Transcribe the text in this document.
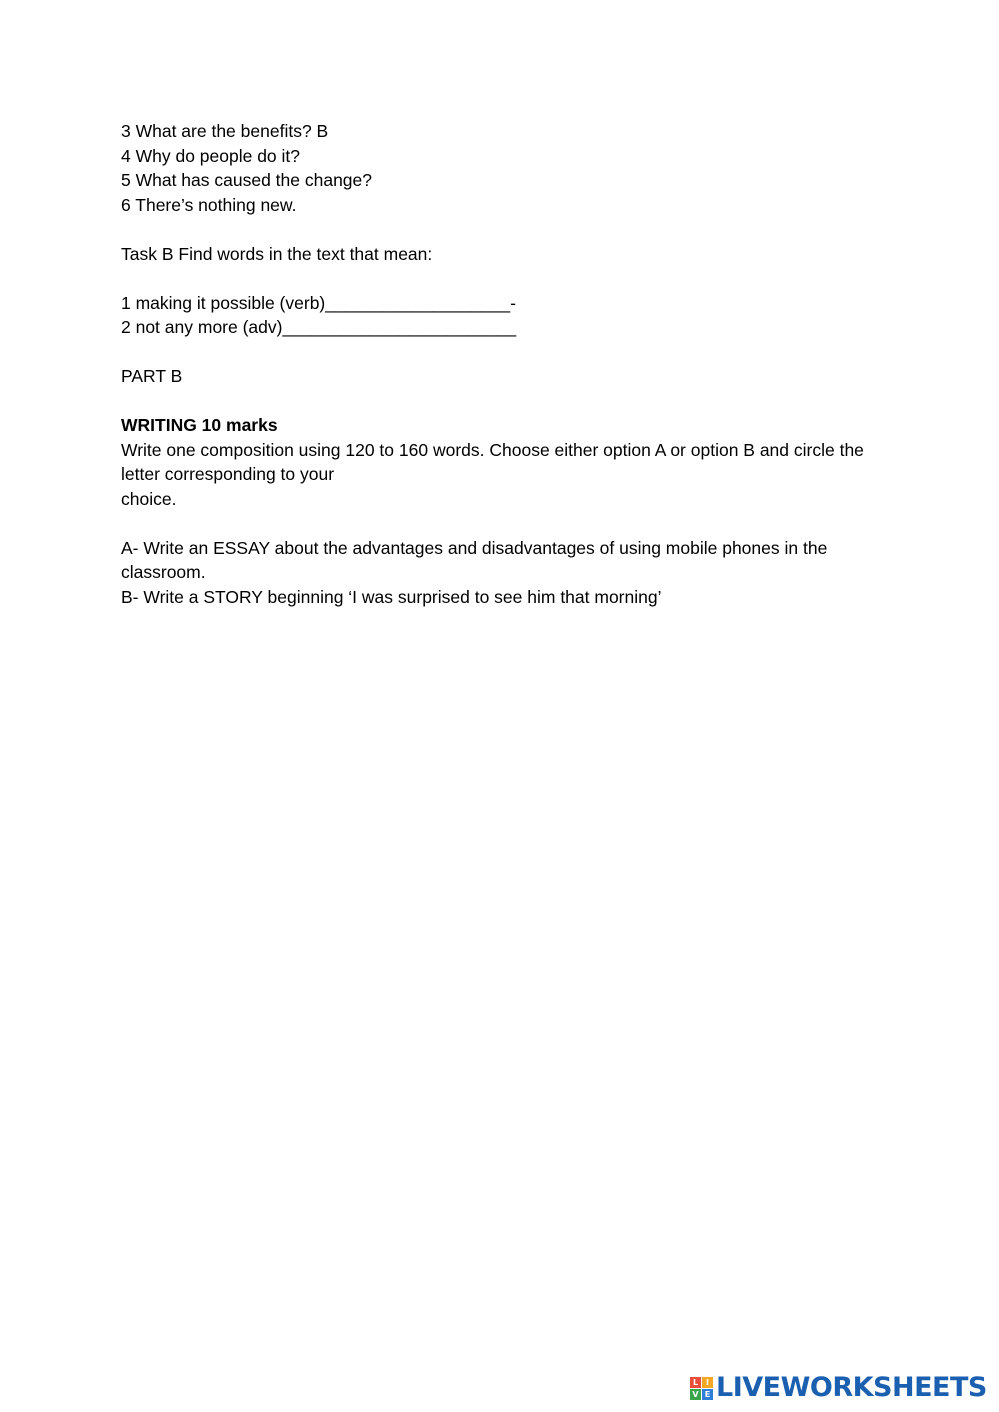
3 What are the benefits? B
4 Why do people do it?
5 What has caused the change?
6 There’s nothing new.
Task B Find words in the text that mean:
1 making it possible (verb)___________________-
2 not any more (adv)________________________
PART B
WRITING 10 marks
Write one composition using 120 to 160 words. Choose either option A or option B and circle the letter corresponding to your
choice.
A- Write an ESSAY about the advantages and disadvantages of using mobile phones in the classroom.
B- Write a STORY beginning ‘I was surprised to see him that morning’
L I
V E LIVEWORKSHEETS
